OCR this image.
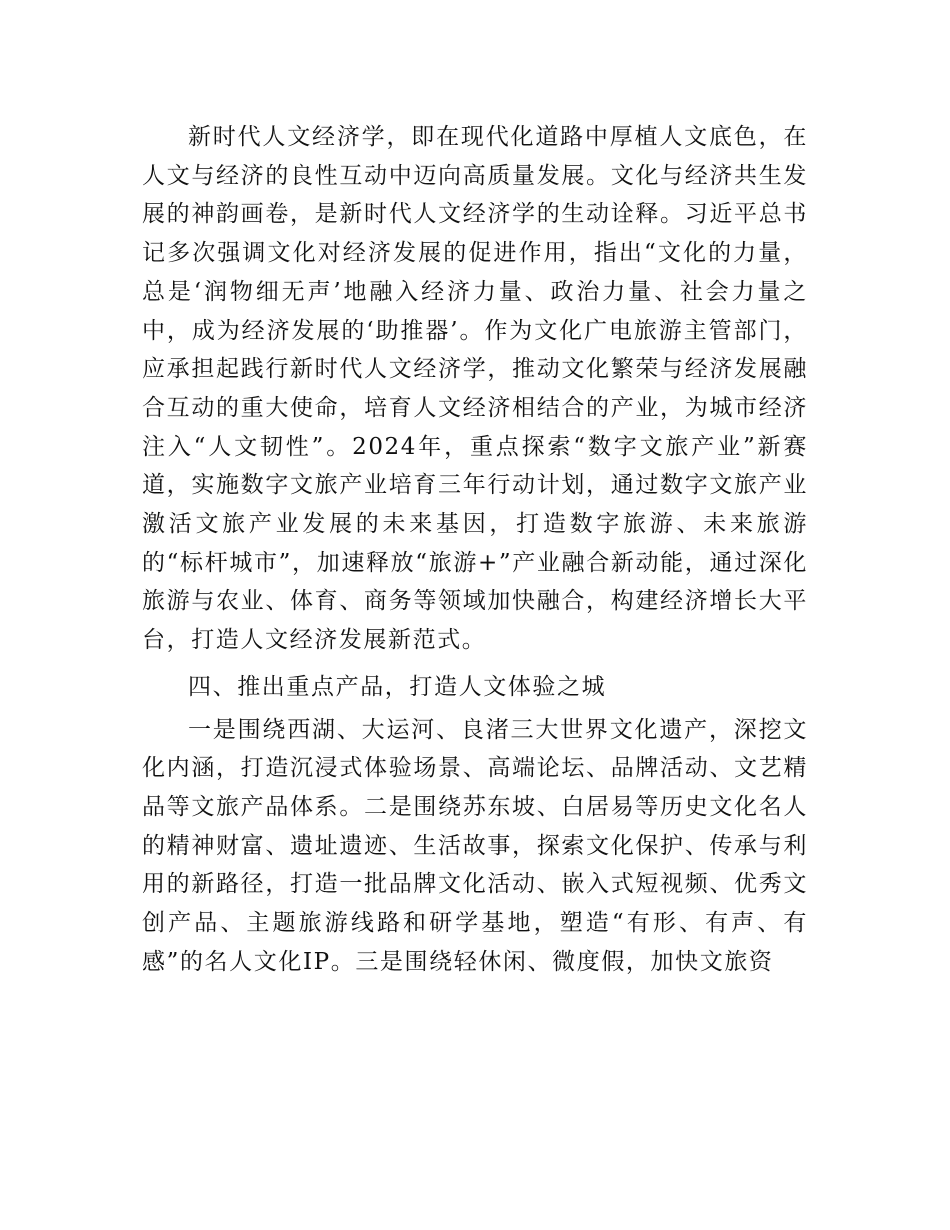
新时代人文经济学，即在现代化道路中厚植人文底色，在人文与经济的良性互动中迈向高质量发展。文化与经济共生发展的神韵画卷，是新时代人文经济学的生动诠释。习近平总书记多次强调文化对经济发展的促进作用，指出“文化的力量，总是‘润物细无声’地融入经济力量、政治力量、社会力量之中，成为经济发展的‘助推器’。作为文化广电旅游主管部门，应承担起践行新时代人文经济学，推动文化繁荣与经济发展融合互动的重大使命，培育人文经济相结合的产业，为城市经济注入“人文韧性”。2024年，重点探索“数字文旅产业”新赛道，实施数字文旅产业培育三年行动计划，通过数字文旅产业激活文旅产业发展的未来基因，打造数字旅游、未来旅游的“标杆城市”，加速释放“旅游+”产业融合新动能，通过深化旅游与农业、体育、商务等领域加快融合，构建经济增长大平台，打造人文经济发展新范式。

四、推出重点产品，打造人文体验之城

一是围绕西湖、大运河、良渚三大世界文化遗产，深挖文化内涵，打造沉浸式体验场景、高端论坛、品牌活动、文艺精品等文旅产品体系。二是围绕苏东坡、白居易等历史文化名人的精神财富、遗址遗迹、生活故事，探索文化保护、传承与利用的新路径，打造一批品牌文化活动、嵌入式短视频、优秀文创产品、主题旅游线路和研学基地，塑造“有形、有声、有感”的名人文化IP。三是围绕轻休闲、微度假，加快文旅资
